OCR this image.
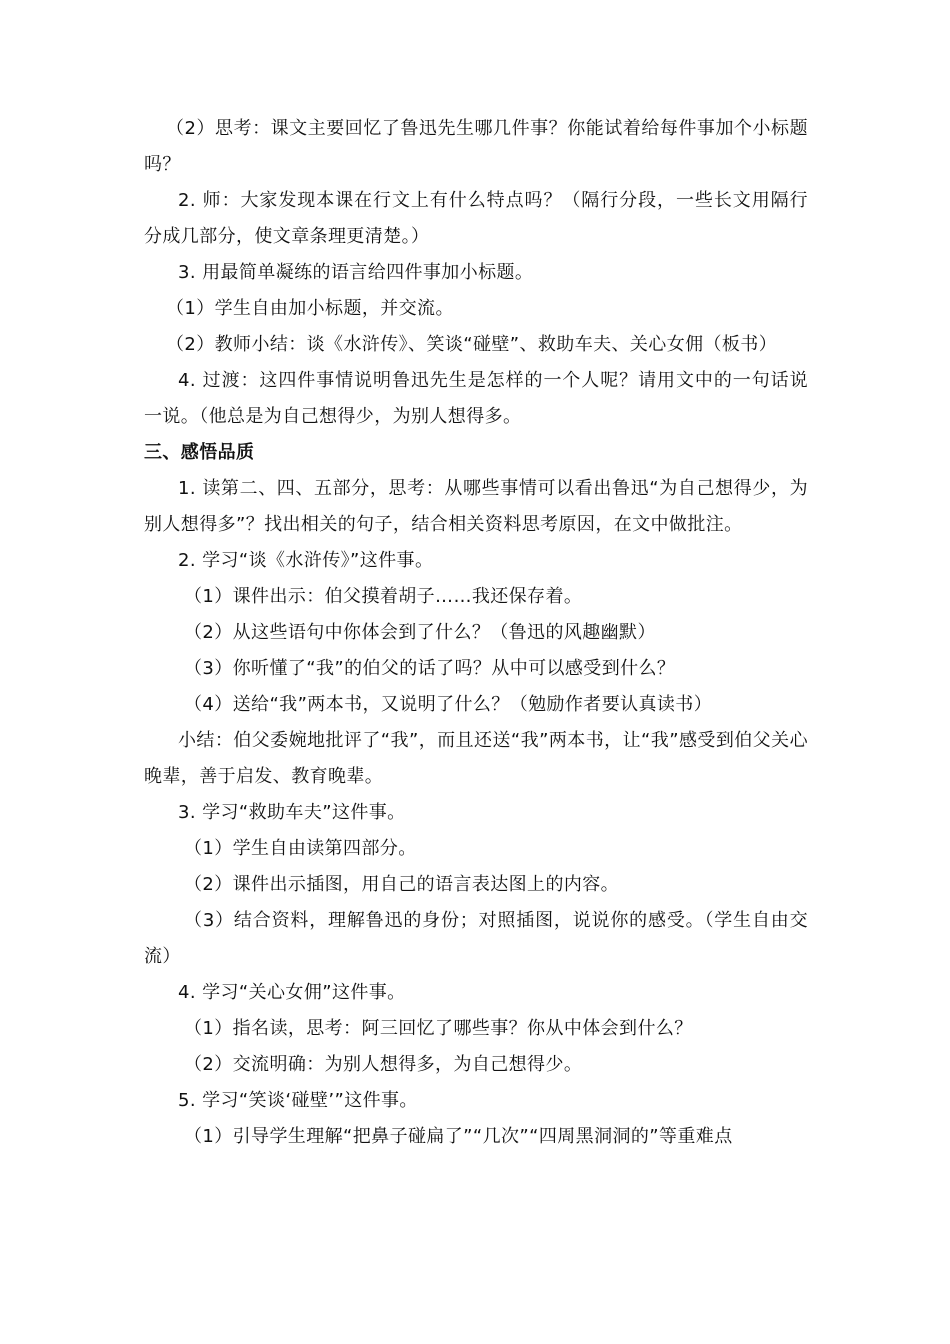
（2）思考：课文主要回忆了鲁迅先生哪几件事？你能试着给每件事加个小标题吗？

2. 师：大家发现本课在行文上有什么特点吗？（隔行分段，一些长文用隔行分成几部分，使文章条理更清楚。）

3. 用最简单凝练的语言给四件事加小标题。

（1）学生自由加小标题，并交流。

（2）教师小结：谈《水浒传》、笑谈“碰壁”、救助车夫、关心女佣（板书）

4. 过渡：这四件事情说明鲁迅先生是怎样的一个人呢？请用文中的一句话说一说。（他总是为自己想得少，为别人想得多。

三、感悟品质

1. 读第二、四、五部分，思考：从哪些事情可以看出鲁迅“为自己想得少，为别人想得多”？找出相关的句子，结合相关资料思考原因，在文中做批注。

2. 学习“谈《水浒传》”这件事。

（1）课件出示：伯父摸着胡子……我还保存着。

（2）从这些语句中你体会到了什么？（鲁迅的风趣幽默）

（3）你听懂了“我”的伯父的话了吗？从中可以感受到什么？

（4）送给“我”两本书，又说明了什么？（勉励作者要认真读书）

小结：伯父委婉地批评了“我”，而且还送“我”两本书，让“我”感受到伯父关心晚辈，善于启发、教育晚辈。

3. 学习“救助车夫”这件事。

（1）学生自由读第四部分。

（2）课件出示插图，用自己的语言表达图上的内容。

（3）结合资料，理解鲁迅的身份；对照插图，说说你的感受。（学生自由交流）

4. 学习“关心女佣”这件事。

（1）指名读，思考：阿三回忆了哪些事？你从中体会到什么？

（2）交流明确：为别人想得多，为自己想得少。

5. 学习“笑谈‘碰壁’”这件事。

（1）引导学生理解“把鼻子碰扁了”“几次”“四周黑洞洞的”等重难点
